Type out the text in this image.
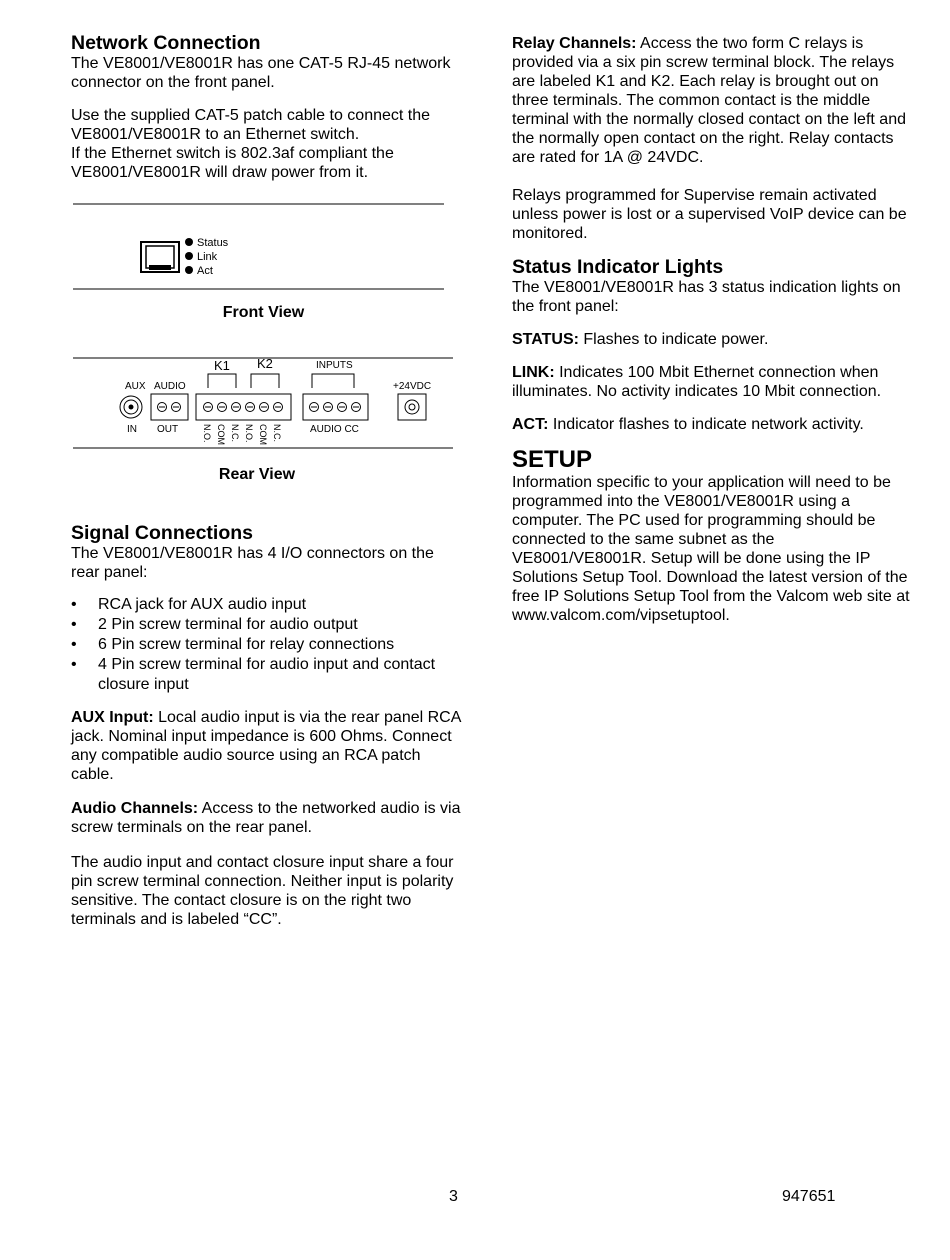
Network Connection

The VE8001/VE8001R has one CAT-5 RJ-45 network connector on the front panel.

Use the supplied CAT-5 patch cable to connect the VE8001/VE8001R to an Ethernet switch.

If the Ethernet switch is 802.3af compliant the VE8001/VE8001R will draw power from it.

Status
Link
Act
Front View
K1 K2	INPUTS
AUX AUDIO	+24VDC
IN OUT	N.O. COM N.C. N.O. COM N.C.	AUDIO CC
Rear View
Signal Connections

The VE8001/VE8001R has 4 I/O connectors on the rear panel:

• RCA jack for AUX audio input
• 2 Pin screw terminal for audio output
• 6 Pin screw terminal for relay connections
• 4 Pin screw terminal for audio input and contact closure input

AUX Input: Local audio input is via the rear panel RCA jack. Nominal input impedance is 600 Ohms. Connect any compatible audio source using an RCA patch cable.

Audio Channels: Access to the networked audio is via screw terminals on the rear panel.

The audio input and contact closure input share a four pin screw terminal connection. Neither input is polarity sensitive. The contact closure is on the right two terminals and is labeled “CC”.

Relay Channels: Access the two form C relays is provided via a six pin screw terminal block. The relays are labeled K1 and K2. Each relay is brought out on three terminals. The common contact is the middle terminal with the normally closed contact on the left and the normally open contact on the right. Relay contacts are rated for 1A @ 24VDC.

Relays programmed for Supervise remain activated unless power is lost or a supervised VoIP device can be monitored.

Status Indicator Lights

The VE8001/VE8001R has 3 status indication lights on the front panel:

STATUS: Flashes to indicate power.

LINK: Indicates 100 Mbit Ethernet connection when illuminates. No activity indicates 10 Mbit connection.

ACT: Indicator flashes to indicate network activity.

SETUP

Information specific to your application will need to be programmed into the VE8001/VE8001R using a computer. The PC used for programming should be connected to the same subnet as the VE8001/VE8001R. Setup will be done using the IP Solutions Setup Tool. Download the latest version of the free IP Solutions Setup Tool from the Valcom web site at www.valcom.com/vipsetuptool.

3	947651
